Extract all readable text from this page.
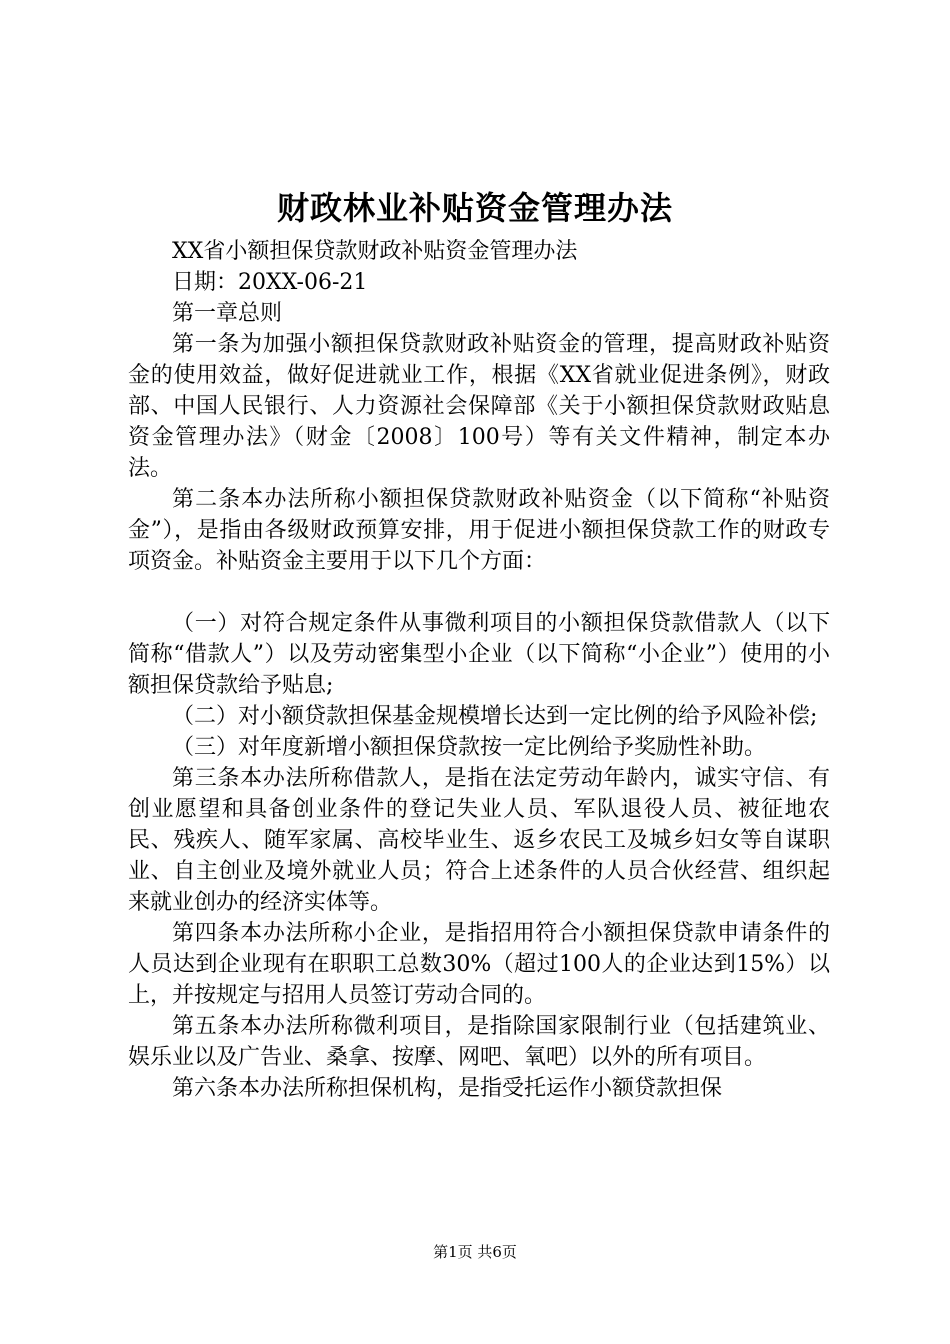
财政林业补贴资金管理办法

XX省小额担保贷款财政补贴资金管理办法

日期：20XX-06-21

第一章总则

第一条为加强小额担保贷款财政补贴资金的管理，提高财政补贴资金的使用效益，做好促进就业工作，根据《XX省就业促进条例》，财政部、中国人民银行、人力资源社会保障部《关于小额担保贷款财政贴息资金管理办法》（财金〔2008〕100号）等有关文件精神，制定本办法。

第二条本办法所称小额担保贷款财政补贴资金（以下简称“补贴资金”），是指由各级财政预算安排，用于促进小额担保贷款工作的财政专项资金。补贴资金主要用于以下几个方面：

（一）对符合规定条件从事微利项目的小额担保贷款借款人（以下简称“借款人”）以及劳动密集型小企业（以下简称“小企业”）使用的小额担保贷款给予贴息;

（二）对小额贷款担保基金规模增长达到一定比例的给予风险补偿;

（三）对年度新增小额担保贷款按一定比例给予奖励性补助。

第三条本办法所称借款人，是指在法定劳动年龄内，诚实守信、有创业愿望和具备创业条件的登记失业人员、军队退役人员、被征地农民、残疾人、随军家属、高校毕业生、返乡农民工及城乡妇女等自谋职业、自主创业及境外就业人员；符合上述条件的人员合伙经营、组织起来就业创办的经济实体等。

第四条本办法所称小企业，是指招用符合小额担保贷款申请条件的人员达到企业现有在职职工总数30%（超过100人的企业达到15%）以上，并按规定与招用人员签订劳动合同的。

第五条本办法所称微利项目，是指除国家限制行业（包括建筑业、娱乐业以及广告业、桑拿、按摩、网吧、氧吧）以外的所有项目。

第六条本办法所称担保机构，是指受托运作小额贷款担保

第1页 共6页
